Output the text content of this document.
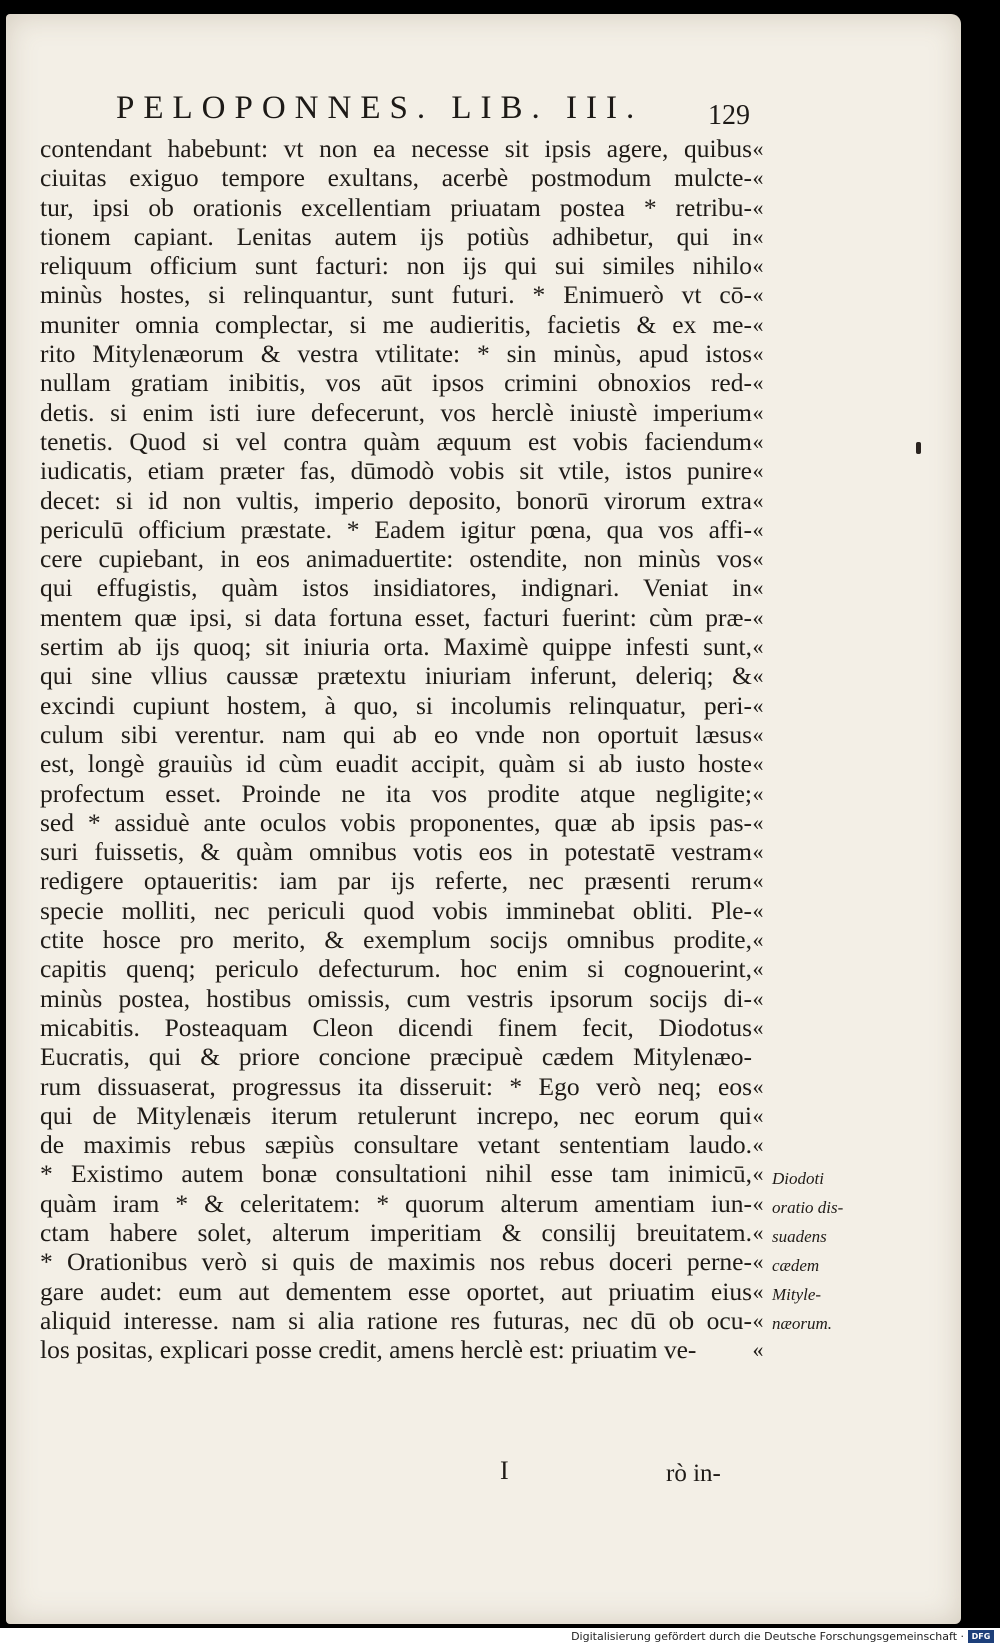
PELOPONNES. LIB. III.	129
contendant habebunt: vt non ea necesse sit ipsis agere, quibus
ciuitas exiguo tempore exultans, acerbè postmodum mulcte-
tur, ipsi ob orationis excellentiam priuatam postea * retribu-
tionem capiant. Lenitas autem ijs potiùs adhibetur, qui in
reliquum officium sunt facturi: non ijs qui sui similes nihilo
minùs hostes, si relinquantur, sunt futuri. * Enimuerò vt cō-
muniter omnia complectar, si me audieritis, facietis & ex me-
rito Mitylenæorum & vestra vtilitate: * sin minùs, apud istos
nullam gratiam inibitis, vos aūt ipsos crimini obnoxios red-
detis. si enim isti iure defecerunt, vos herclè iniustè imperium
tenetis. Quod si vel contra quàm æquum est vobis faciendum
iudicatis, etiam præter fas, dūmodò vobis sit vtile, istos punire
decet: si id non vultis, imperio deposito, bonorū virorum extra
periculū officium præstate. * Eadem igitur pœna, qua vos affi-
cere cupiebant, in eos animaduertite: ostendite, non minùs vos
qui effugistis, quàm istos insidiatores, indignari. Veniat in
mentem quæ ipsi, si data fortuna esset, facturi fuerint: cùm præ-
sertim ab ijs quoq; sit iniuria orta. Maximè quippe infesti sunt,
qui sine vllius caussæ prætextu iniuriam inferunt, deleriq; &
excindi cupiunt hostem, à quo, si incolumis relinquatur, peri-
culum sibi verentur. nam qui ab eo vnde non oportuit læsus
est, longè grauiùs id cùm euadit accipit, quàm si ab iusto hoste
profectum esset. Proinde ne ita vos prodite atque negligite;
sed * assiduè ante oculos vobis proponentes, quæ ab ipsis pas-
suri fuissetis, & quàm omnibus votis eos in potestatē vestram
redigere optaueritis: iam par ijs referte, nec præsenti rerum
specie molliti, nec periculi quod vobis imminebat obliti. Ple-
ctite hosce pro merito, & exemplum socijs omnibus prodite,
capitis quenq; periculo defecturum. hoc enim si cognouerint,
minùs postea, hostibus omissis, cum vestris ipsorum socijs di-
micabitis. Posteaquam Cleon dicendi finem fecit, Diodotus
Eucratis, qui & priore concione præcipuè cædem Mitylenæo-
rum dissuaserat, progressus ita disseruit: * Ego verò neq; eos
qui de Mitylenæis iterum retulerunt increpo, nec eorum qui
de maximis rebus sæpiùs consultare vetant sententiam laudo.
* Existimo autem bonæ consultationi nihil esse tam inimicū,
quàm iram * & celeritatem: * quorum alterum amentiam iun-
ctam habere solet, alterum imperitiam & consilij breuitatem.
* Orationibus verò si quis de maximis nos rebus doceri perne-
gare audet: eum aut dementem esse oportet, aut priuatim eius
aliquid interesse. nam si alia ratione res futuras, nec dū ob ocu-
los positas, explicari posse credit, amens herclè est: priuatim ve-
«
«
«
«
«
«
«
«
«
«
«
«
«
«
«
«
«
«
«
«
«
«
«
«
«
«
«
«
«
«
«
«
«
«
«
«
«
«
«
«
«
Diodoti
oratio dis-
suadens
cædem
Mityle-
næorum.
I	rò in-
Digitalisierung gefördert durch die Deutsche Forschungsgemeinschaft · DFG
